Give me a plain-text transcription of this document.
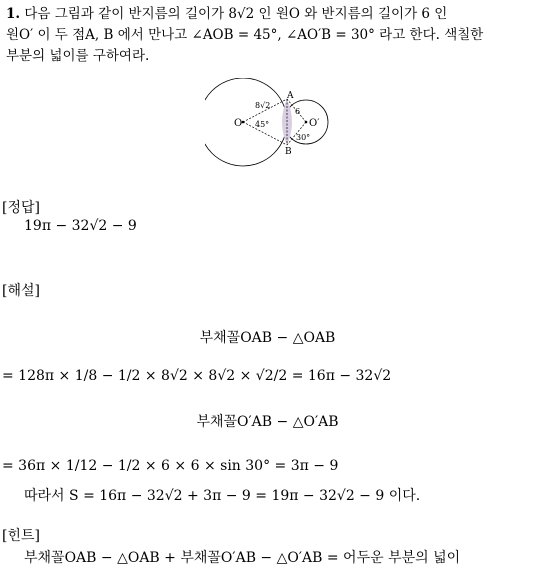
1. 다음 그림과 같이 반지름의 길이가 8√2 인 원O 와 반지름의 길이가 6 인
원O′ 이 두 점A, B 에서 만나고 ∠AOB = 45°, ∠AO′B = 30° 라고 한다. 색칠한
부분의 넓이를 구하여라.
O	O′
A
B
8√2
6
45°
30°
[정답]
19π − 32√2 − 9
[해설]
부채꼴OAB − △OAB
= 128π × 1/8 − 1/2 × 8√2 × 8√2 × √2/2 = 16π − 32√2
부채꼴O′AB − △O′AB
= 36π × 1/12 − 1/2 × 6 × 6 × sin 30° = 3π − 9
따라서 S = 16π − 32√2 + 3π − 9 = 19π − 32√2 − 9 이다.
[힌트]
부채꼴OAB − △OAB + 부채꼴O′AB − △O′AB = 어두운 부분의 넓이
